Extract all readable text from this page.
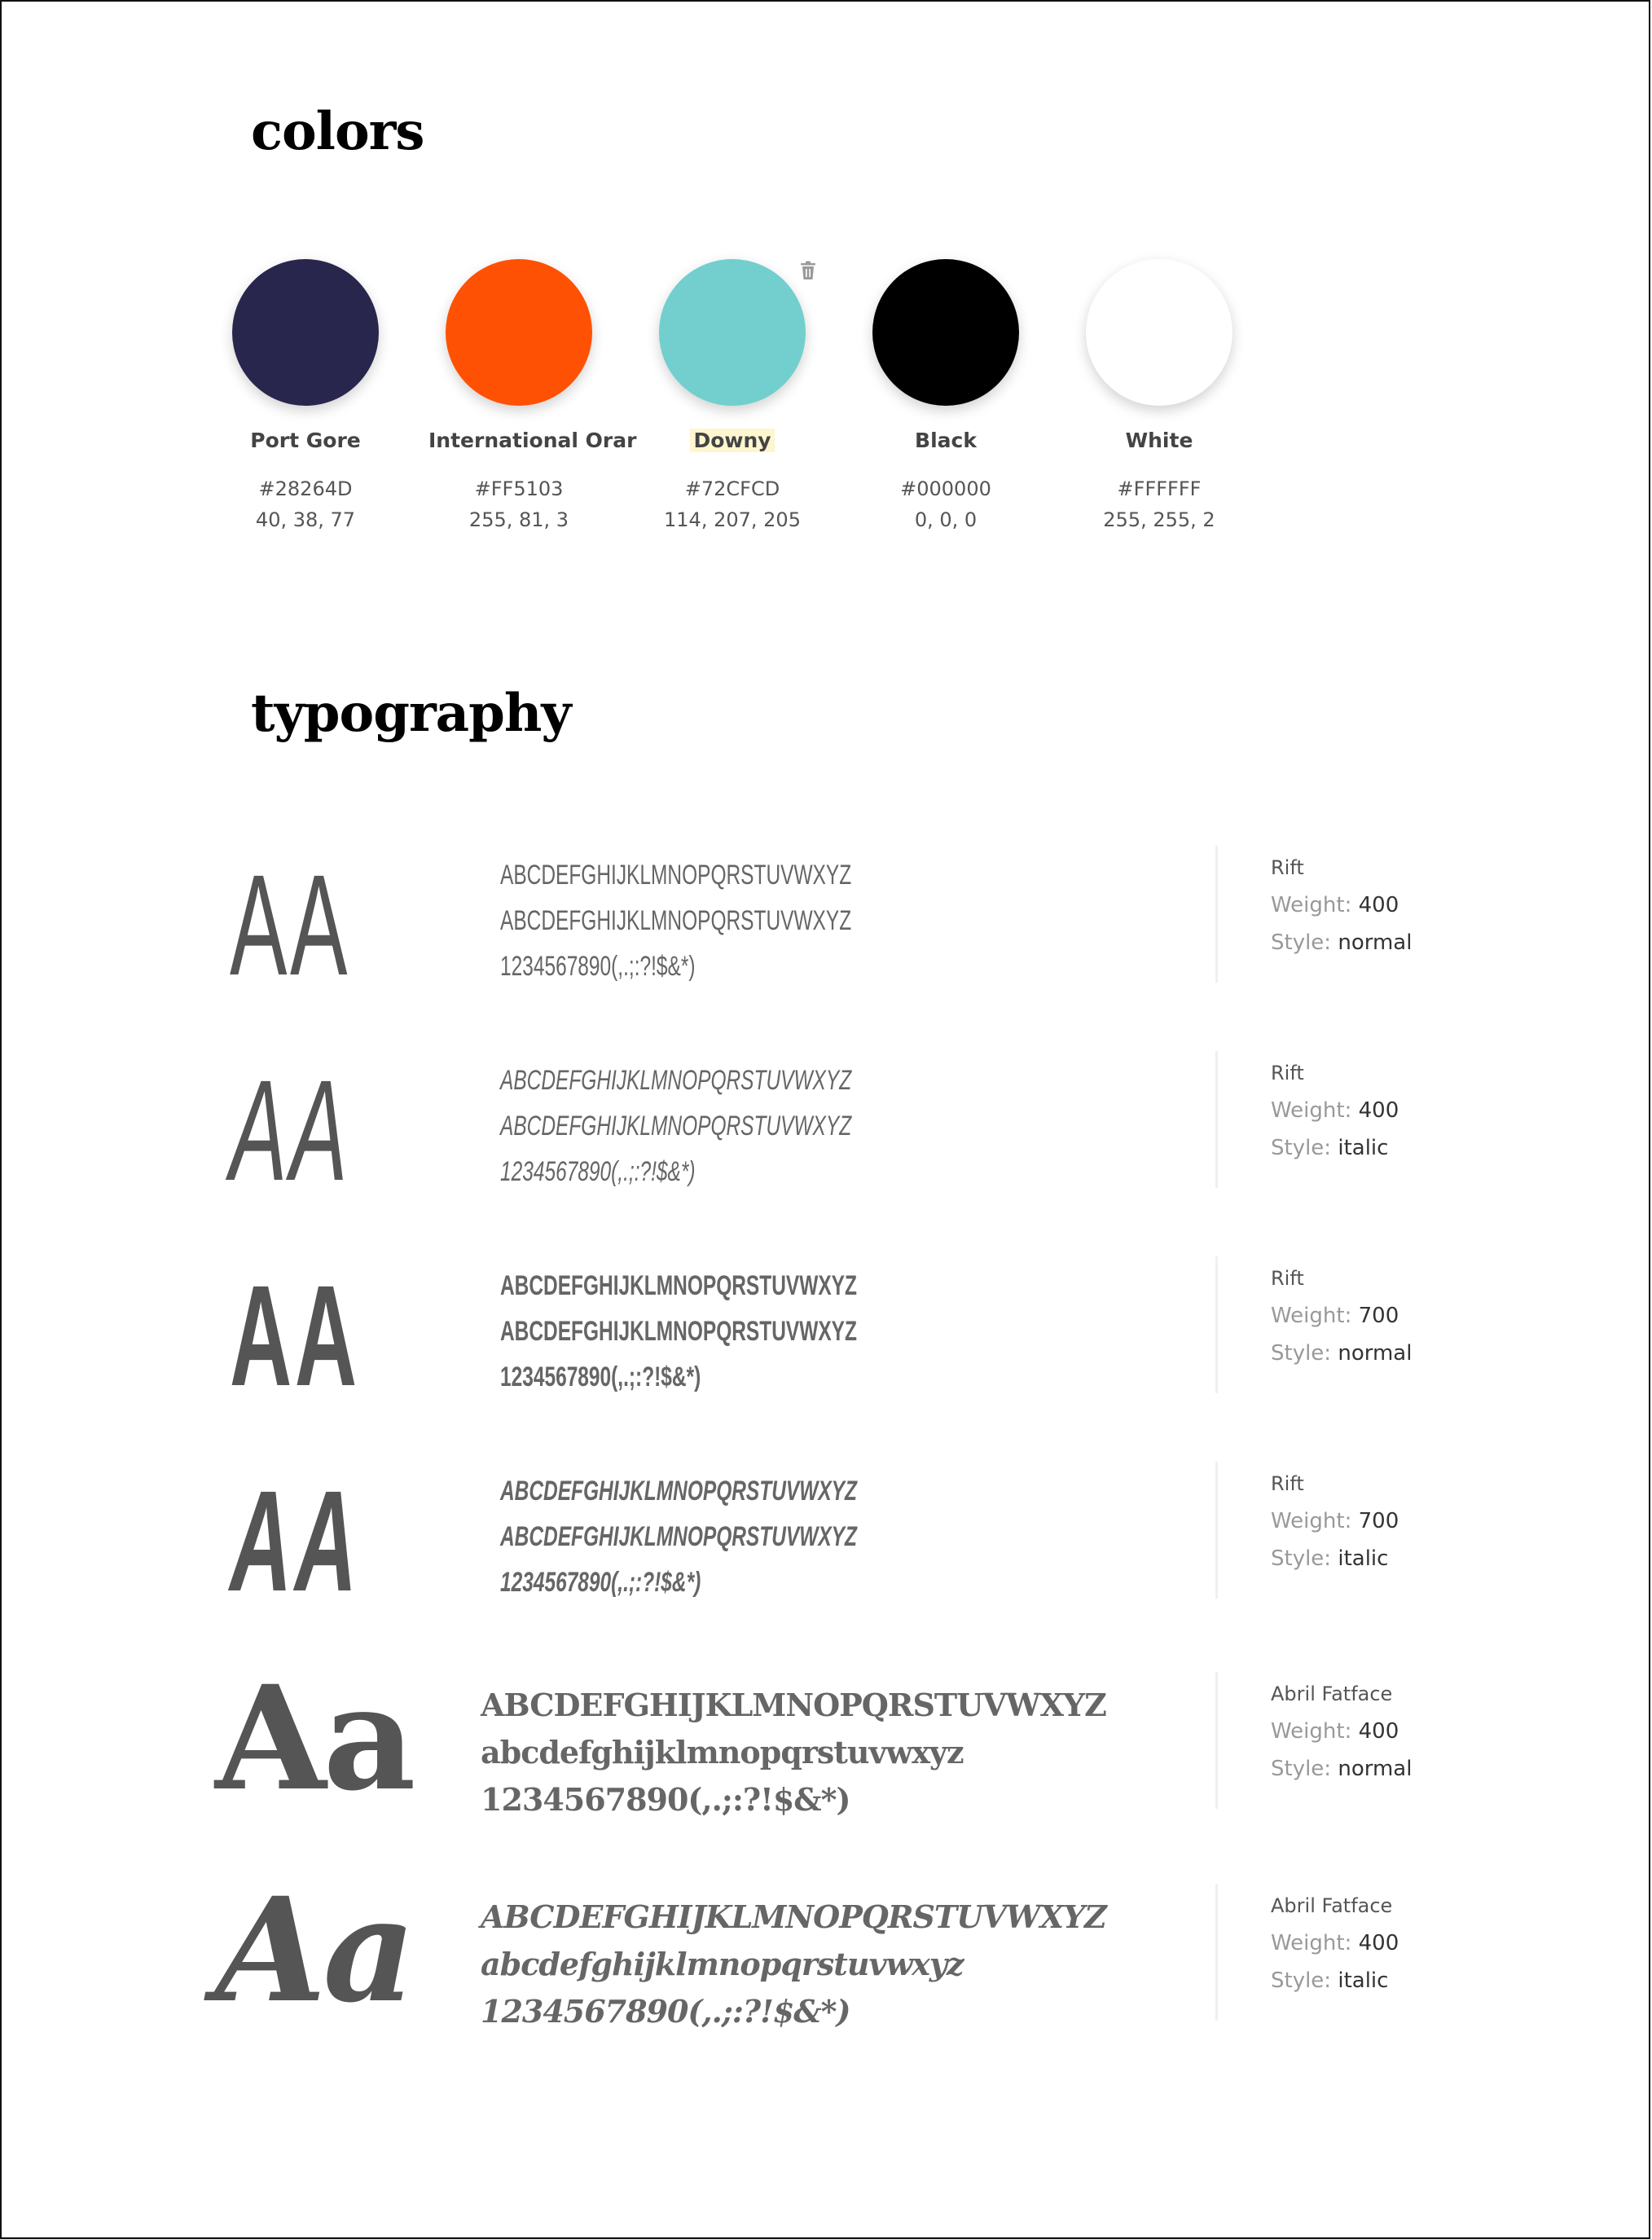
colors
Port Gore
#28264D
40, 38, 77
International Orar
#FF5103
255, 81, 3
Downy
#72CFCD
114, 207, 205
Black
#000000
0, 0, 0
White
#FFFFFF
255, 255, 2
typography
AA	ABCDEFGHIJKLMNOPQRSTUVWXYZ
ABCDEFGHIJKLMNOPQRSTUVWXYZ
1234567890(,.;:?!$&*)
Rift
Weight: 400
Style: normal
AA	ABCDEFGHIJKLMNOPQRSTUVWXYZ
ABCDEFGHIJKLMNOPQRSTUVWXYZ
1234567890(,.;:?!$&*)
Rift
Weight: 400
Style: italic
AA	ABCDEFGHIJKLMNOPQRSTUVWXYZ
ABCDEFGHIJKLMNOPQRSTUVWXYZ
1234567890(,.;:?!$&*)
Rift
Weight: 700
Style: normal
AA	ABCDEFGHIJKLMNOPQRSTUVWXYZ
ABCDEFGHIJKLMNOPQRSTUVWXYZ
1234567890(,.;:?!$&*)
Rift
Weight: 700
Style: italic
Aa ABCDEFGHIJKLMNOPQRSTUVWXYZ
abcdefghijklmnopqrstuvwxyz
1234567890(,.;:?!$&*)
Abril Fatface
Weight: 400
Style: normal
Aa ABCDEFGHIJKLMNOPQRSTUVWXYZ
abcdefghijklmnopqrstuvwxyz
1234567890(,.;:?!$&*)
Abril Fatface
Weight: 400
Style: italic
